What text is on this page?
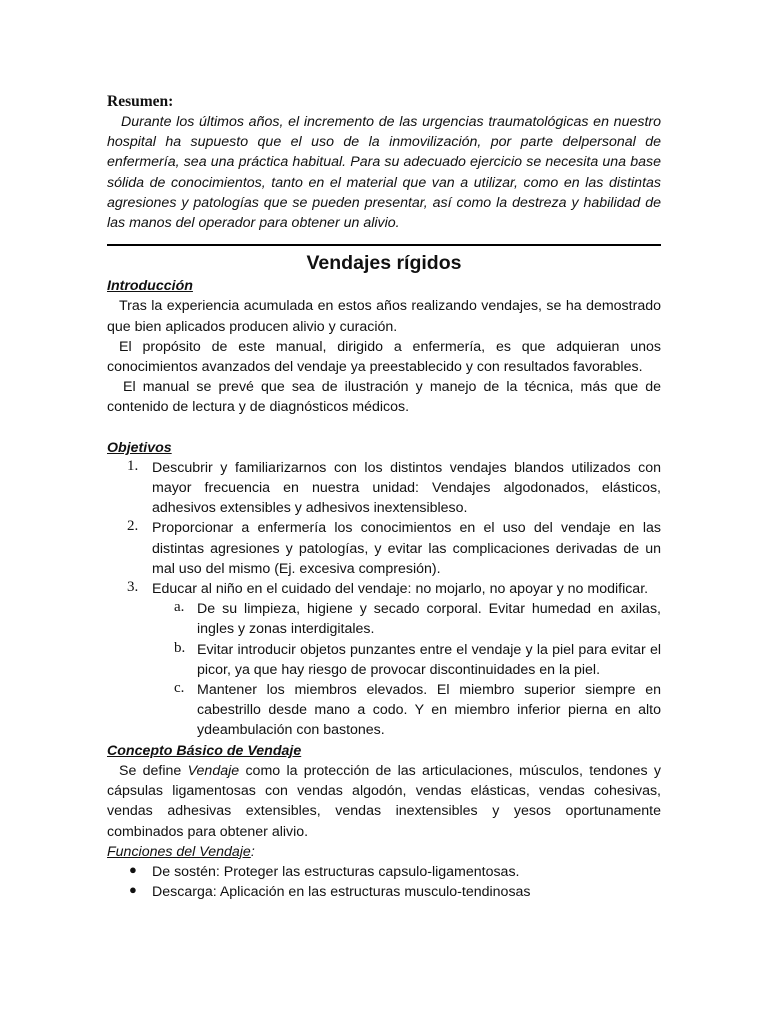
Resumen:

Durante los últimos años, el incremento de las urgencias traumatológicas en nuestro hospital ha supuesto que el uso de la inmovilización, por parte delpersonal de enfermería, sea una práctica habitual. Para su adecuado ejercicio se necesita una base sólida de conocimientos, tanto en el material que van a utilizar, como en las distintas agresiones y patologías que se pueden presentar, así como la destreza y habilidad de las manos del operador para obtener un alivio.

Vendajes rígidos

Introducción

Tras la experiencia acumulada en estos años realizando vendajes, se ha demostrado que bien aplicados producen alivio y curación.

El propósito de este manual, dirigido a enfermería, es que adquieran unos conocimientos avanzados del vendaje ya preestablecido y con resultados favorables.

El manual se prevé que sea de ilustración y manejo de la técnica, más que de contenido de lectura y de diagnósticos médicos.

Objetivos

1. Descubrir y familiarizarnos con los distintos vendajes blandos utilizados con mayor frecuencia en nuestra unidad: Vendajes algodonados, elásticos, adhesivos extensibles y adhesivos inextensibleso.

2. Proporcionar a enfermería los conocimientos en el uso del vendaje en las distintas agresiones y patologías, y evitar las complicaciones derivadas de un mal uso del mismo (Ej. excesiva compresión).

3. Educar al niño en el cuidado del vendaje: no mojarlo, no apoyar y no modificar.

a. De su limpieza, higiene y secado corporal. Evitar humedad en axilas, ingles y zonas interdigitales.

b. Evitar introducir objetos punzantes entre el vendaje y la piel para evitar el picor, ya que hay riesgo de provocar discontinuidades en la piel.

c. Mantener los miembros elevados. El miembro superior siempre en cabestrillo desde mano a codo. Y en miembro inferior pierna en alto ydeambulación con bastones.

Concepto Básico de Vendaje

Se define Vendaje como la protección de las articulaciones, músculos, tendones y cápsulas ligamentosas con vendas algodón, vendas elásticas, vendas cohesivas, vendas adhesivas extensibles, vendas inextensibles y yesos oportunamente combinados para obtener alivio.

Funciones del Vendaje:

● De sostén: Proteger las estructuras capsulo-ligamentosas.

● Descarga: Aplicación en las estructuras musculo-tendinosas
